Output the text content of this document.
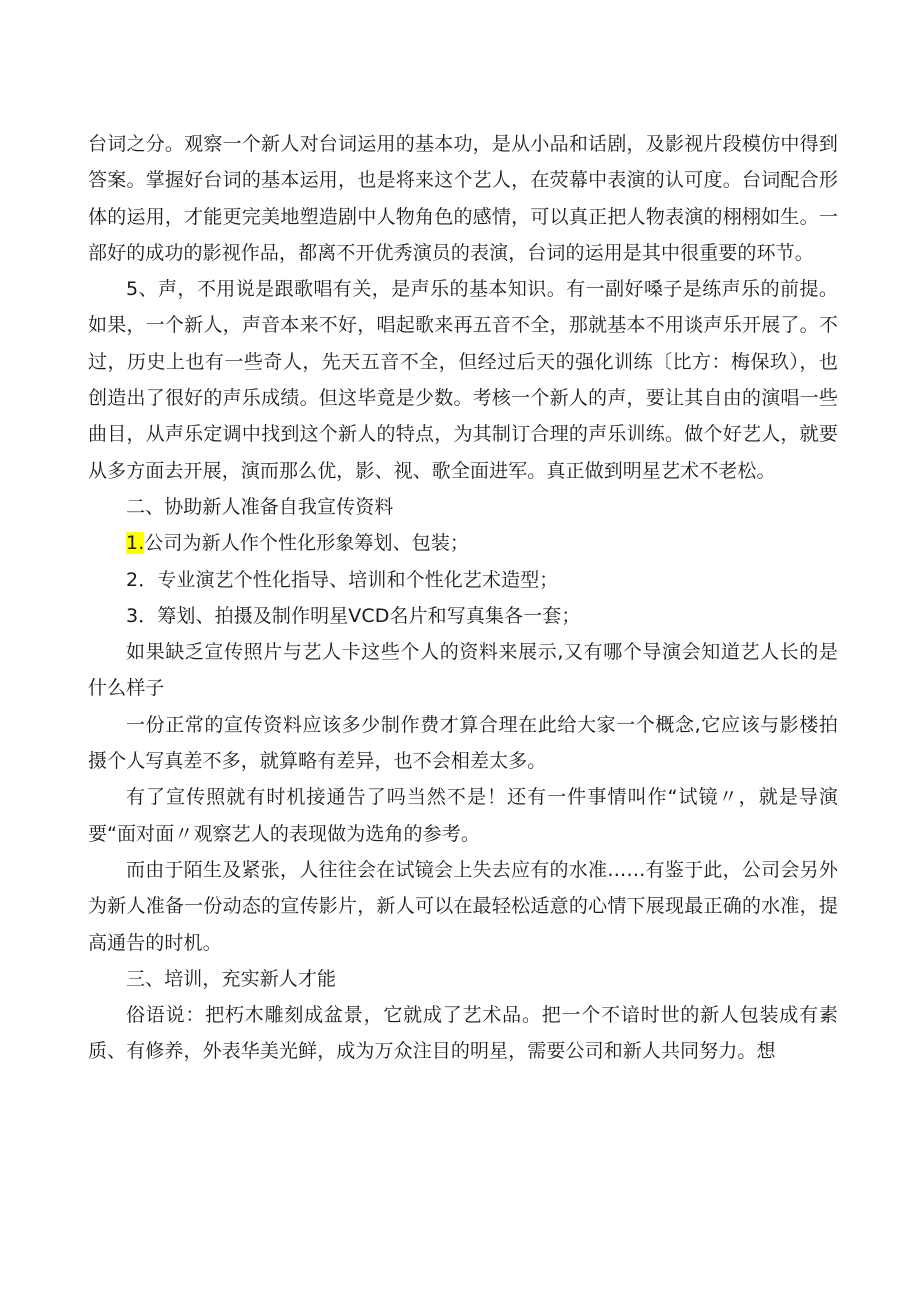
台词之分。观察一个新人对台词运用的基本功，是从小品和话剧，及影视片段模仿中得到答案。掌握好台词的基本运用，也是将来这个艺人，在荧幕中表演的认可度。台词配合形体的运用，才能更完美地塑造剧中人物角色的感情，可以真正把人物表演的栩栩如生。一部好的成功的影视作品，都离不开优秀演员的表演，台词的运用是其中很重要的环节。

5、声，不用说是跟歌唱有关，是声乐的基本知识。有一副好嗓子是练声乐的前提。如果，一个新人，声音本来不好，唱起歌来再五音不全，那就基本不用谈声乐开展了。不过，历史上也有一些奇人，先天五音不全，但经过后天的强化训练〔比方：梅保玖），也创造出了很好的声乐成绩。但这毕竟是少数。考核一个新人的声，要让其自由的演唱一些曲目，从声乐定调中找到这个新人的特点，为其制订合理的声乐训练。做个好艺人，就要从多方面去开展，演而那么优，影、视、歌全面进军。真正做到明星艺术不老松。

二、协助新人准备自我宣传资料

1.公司为新人作个性化形象筹划、包装；

2．专业演艺个性化指导、培训和个性化艺术造型；

3．筹划、拍摄及制作明星VCD名片和写真集各一套；

如果缺乏宣传照片与艺人卡这些个人的资料来展示,又有哪个导演会知道艺人长的是什么样子

一份正常的宣传资料应该多少制作费才算合理在此给大家一个概念,它应该与影楼拍摄个人写真差不多，就算略有差异，也不会相差太多。

有了宣传照就有时机接通告了吗当然不是！还有一件事情叫作“试镜〃，就是导演要“面对面〃观察艺人的表现做为选角的参考。

而由于陌生及紧张，人往往会在试镜会上失去应有的水准……有鉴于此，公司会另外为新人准备一份动态的宣传影片，新人可以在最轻松适意的心情下展现最正确的水准，提高通告的时机。

三、培训，充实新人才能

俗语说：把朽木雕刻成盆景，它就成了艺术品。把一个不谙时世的新人包装成有素质、有修养，外表华美光鲜，成为万众注目的明星，需要公司和新人共同努力。想
